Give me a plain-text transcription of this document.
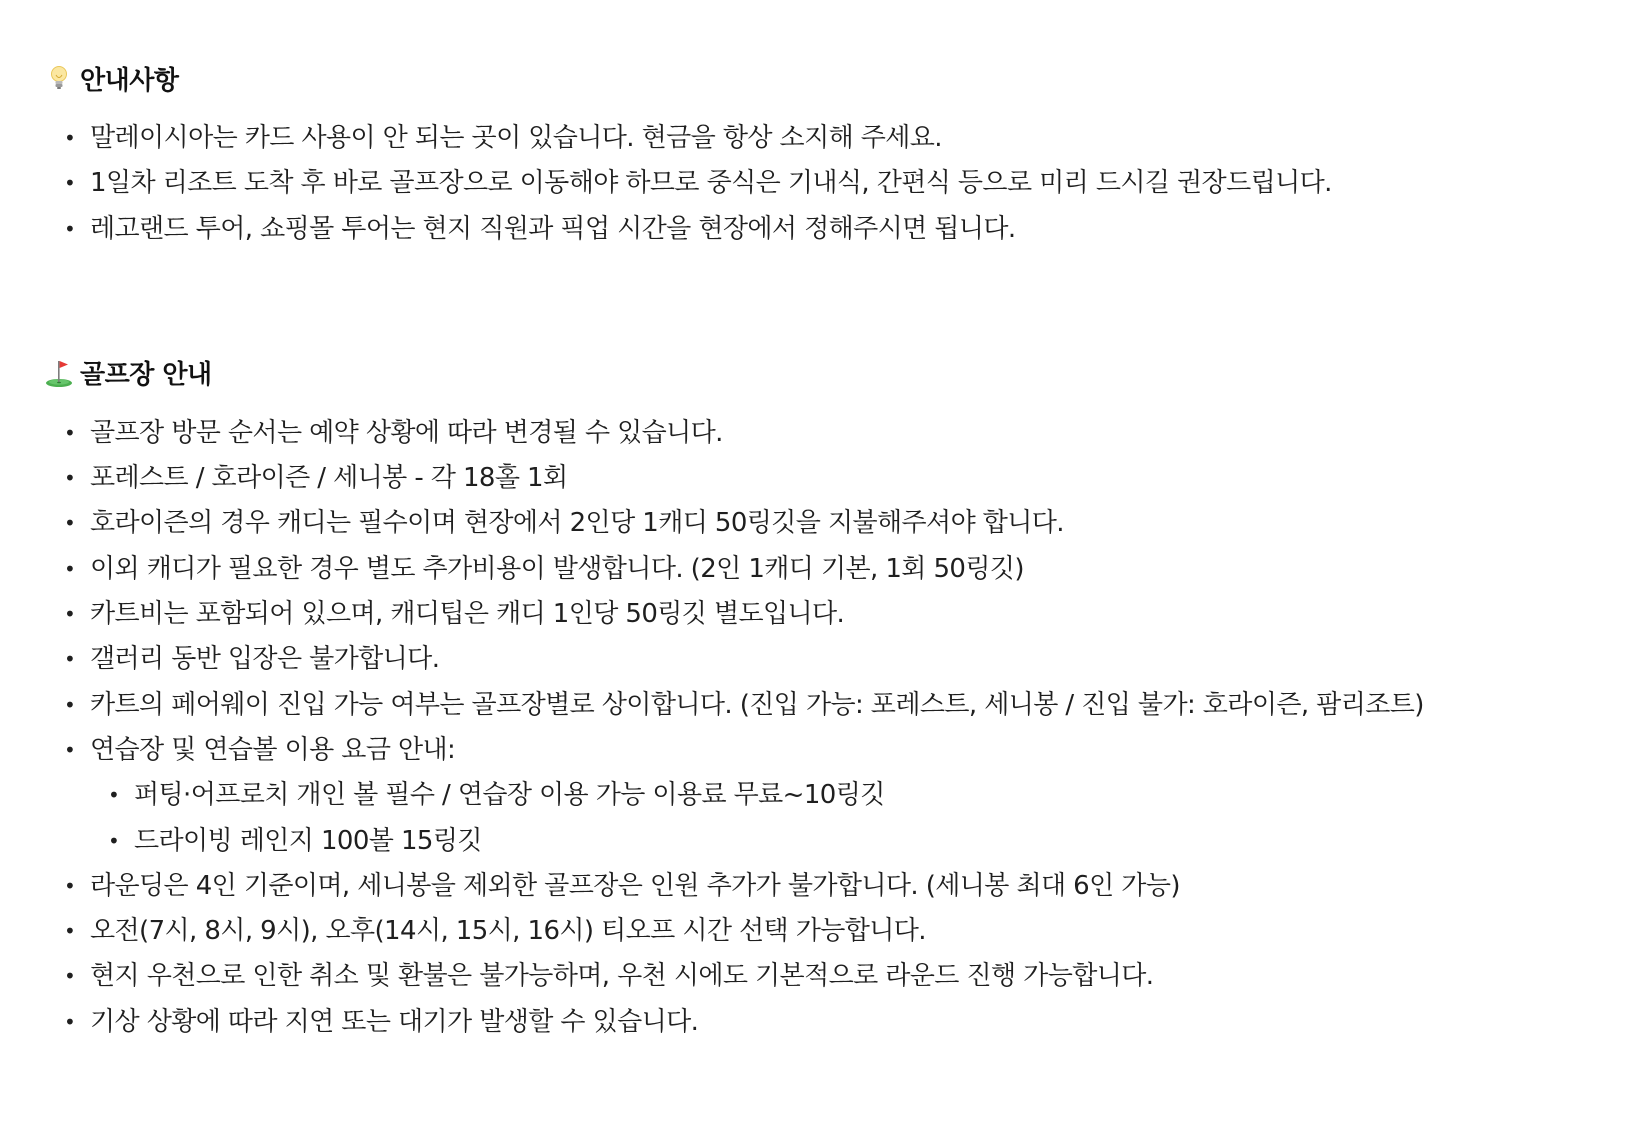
안내사항
• 말레이시아는 카드 사용이 안 되는 곳이 있습니다. 현금을 항상 소지해 주세요.
• 1일차 리조트 도착 후 바로 골프장으로 이동해야 하므로 중식은 기내식, 간편식 등으로 미리 드시길 권장드립니다.
• 레고랜드 투어, 쇼핑몰 투어는 현지 직원과 픽업 시간을 현장에서 정해주시면 됩니다.
골프장 안내
• 골프장 방문 순서는 예약 상황에 따라 변경될 수 있습니다.
• 포레스트 / 호라이즌 / 세니봉 - 각 18홀 1회
• 호라이즌의 경우 캐디는 필수이며 현장에서 2인당 1캐디 50링깃을 지불해주셔야 합니다.
• 이외 캐디가 필요한 경우 별도 추가비용이 발생합니다. (2인 1캐디 기본, 1회 50링깃)
• 카트비는 포함되어 있으며, 캐디팁은 캐디 1인당 50링깃 별도입니다.
• 갤러리 동반 입장은 불가합니다.
• 카트의 페어웨이 진입 가능 여부는 골프장별로 상이합니다. (진입 가능: 포레스트, 세니봉 / 진입 불가: 호라이즌, 팜리조트)
• 연습장 및 연습볼 이용 요금 안내:
• 퍼팅·어프로치 개인 볼 필수 / 연습장 이용 가능 이용료 무료~10링깃
• 드라이빙 레인지 100볼 15링깃
• 라운딩은 4인 기준이며, 세니봉을 제외한 골프장은 인원 추가가 불가합니다. (세니봉 최대 6인 가능)
• 오전(7시, 8시, 9시), 오후(14시, 15시, 16시) 티오프 시간 선택 가능합니다.
• 현지 우천으로 인한 취소 및 환불은 불가능하며, 우천 시에도 기본적으로 라운드 진행 가능합니다.
• 기상 상황에 따라 지연 또는 대기가 발생할 수 있습니다.
